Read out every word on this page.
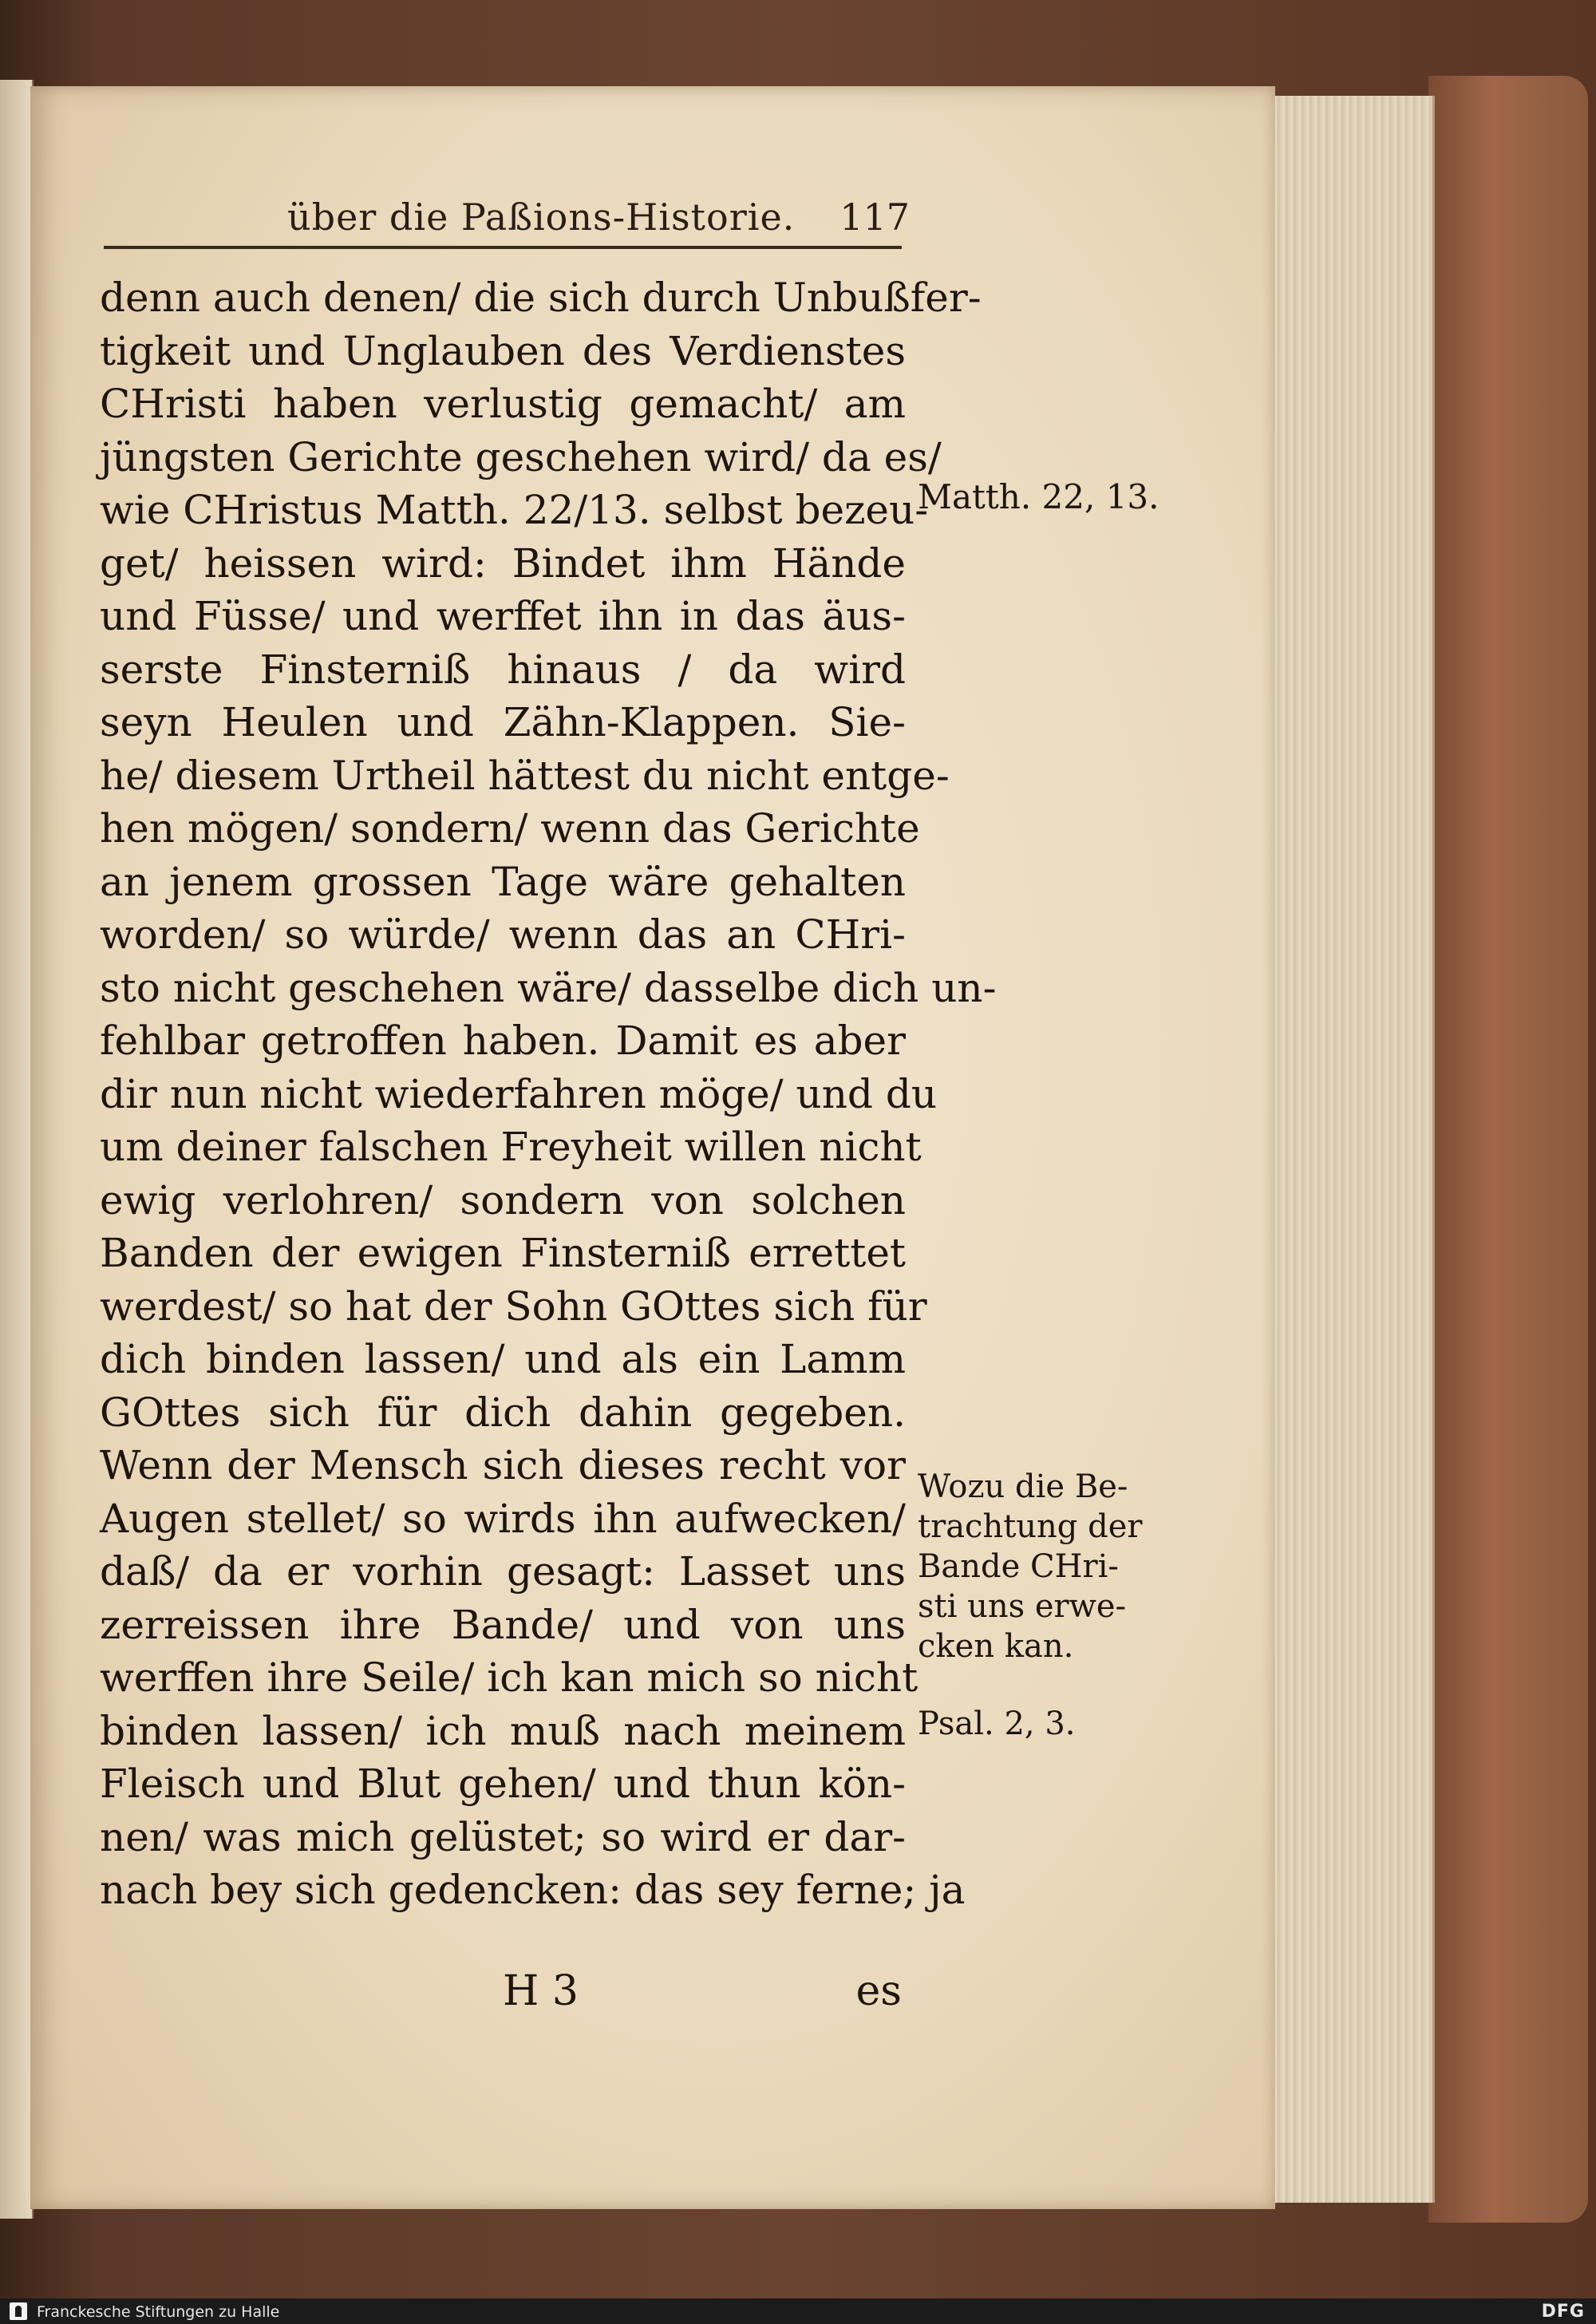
über die Paßions-Historie. 117
denn auch denen/ die sich durch Unbußfer-
tigkeit und Unglauben des Verdienstes
CHristi haben verlustig gemacht/ am
jüngsten Gerichte geschehen wird/ da es/
wie CHristus Matth. 22/13. selbst bezeu-
get/ heissen wird: Bindet ihm Hände
und Füsse/ und werffet ihn in das äus-
serste Finsterniß hinaus / da wird
seyn Heulen und Zähn-Klappen. Sie-
he/ diesem Urtheil hättest du nicht entge-
hen mögen/ sondern/ wenn das Gerichte
an jenem grossen Tage wäre gehalten
worden/ so würde/ wenn das an CHri-
sto nicht geschehen wäre/ dasselbe dich un-
fehlbar getroffen haben. Damit es aber
dir nun nicht wiederfahren möge/ und du
um deiner falschen Freyheit willen nicht
ewig verlohren/ sondern von solchen
Banden der ewigen Finsterniß errettet
werdest/ so hat der Sohn GOttes sich für
dich binden lassen/ und als ein Lamm
GOttes sich für dich dahin gegeben.
Wenn der Mensch sich dieses recht vor
Augen stellet/ so wirds ihn aufwecken/
daß/ da er vorhin gesagt: Lasset uns
zerreissen ihre Bande/ und von uns
werffen ihre Seile/ ich kan mich so nicht
binden lassen/ ich muß nach meinem
Fleisch und Blut gehen/ und thun kön-
nen/ was mich gelüstet; so wird er dar-
nach bey sich gedencken: das sey ferne; ja
H 3	es
Matth. 22, 13.
Wozu die Be-
trachtung der
Bande CHri-
sti uns erwe-
cken kan.
Psal. 2, 3.
Franckesche Stiftungen zu Halle	DFG
